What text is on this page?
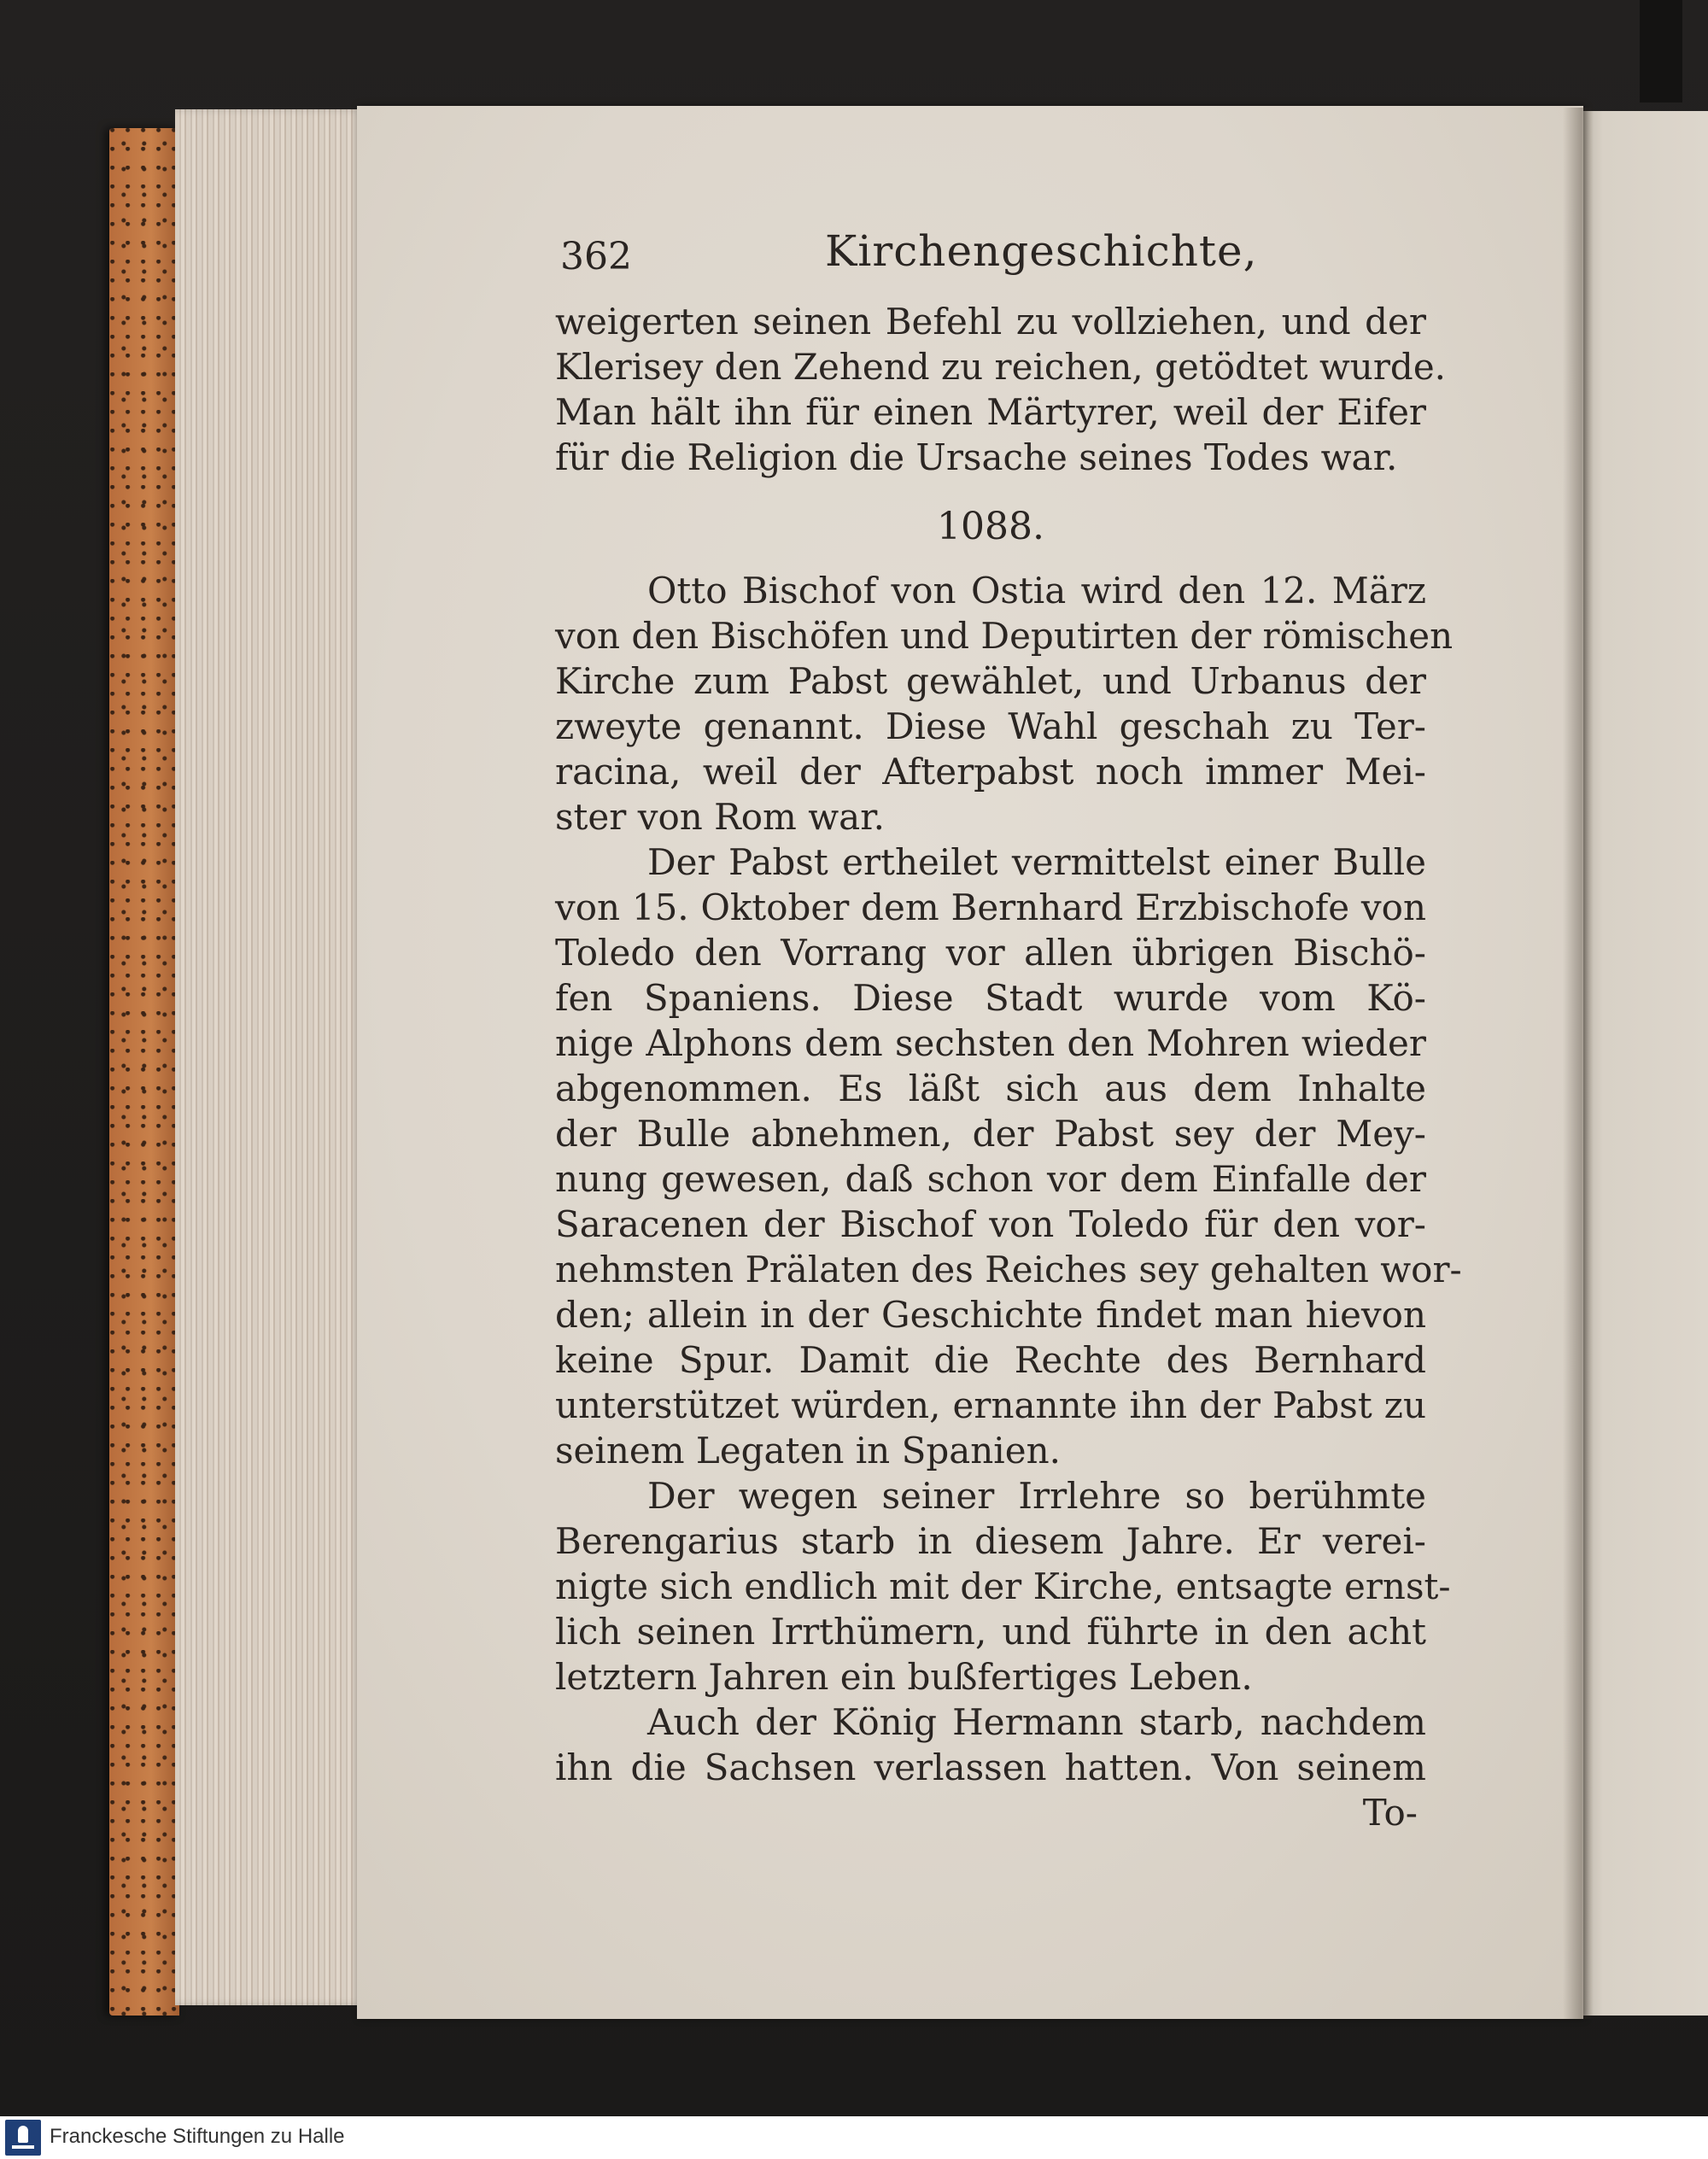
362	Kirchengeschichte,
weigerten seinen Befehl zu vollziehen, und der
Klerisey den Zehend zu reichen, getödtet wurde.
Man hält ihn für einen Märtyrer, weil der Eifer
für die Religion die Ursache seines Todes war.
1088.
Otto Bischof von Ostia wird den 12. März
von den Bischöfen und Deputirten der römischen
Kirche zum Pabst gewählet, und Urbanus der
zweyte genannt. Diese Wahl geschah zu Ter-
racina, weil der Afterpabst noch immer Mei-
ster von Rom war.
Der Pabst ertheilet vermittelst einer Bulle
von 15. Oktober dem Bernhard Erzbischofe von
Toledo den Vorrang vor allen übrigen Bischö-
fen Spaniens. Diese Stadt wurde vom Kö-
nige Alphons dem sechsten den Mohren wieder
abgenommen. Es läßt sich aus dem Inhalte
der Bulle abnehmen, der Pabst sey der Mey-
nung gewesen, daß schon vor dem Einfalle der
Saracenen der Bischof von Toledo für den vor-
nehmsten Prälaten des Reiches sey gehalten wor-
den; allein in der Geschichte findet man hievon
keine Spur. Damit die Rechte des Bernhard
unterstützet würden, ernannte ihn der Pabst zu
seinem Legaten in Spanien.
Der wegen seiner Irrlehre so berühmte
Berengarius starb in diesem Jahre. Er verei-
nigte sich endlich mit der Kirche, entsagte ernst-
lich seinen Irrthümern, und führte in den acht
letztern Jahren ein bußfertiges Leben.
Auch der König Hermann starb, nachdem
ihn die Sachsen verlassen hatten. Von seinem
To-
Franckesche Stiftungen zu Halle
